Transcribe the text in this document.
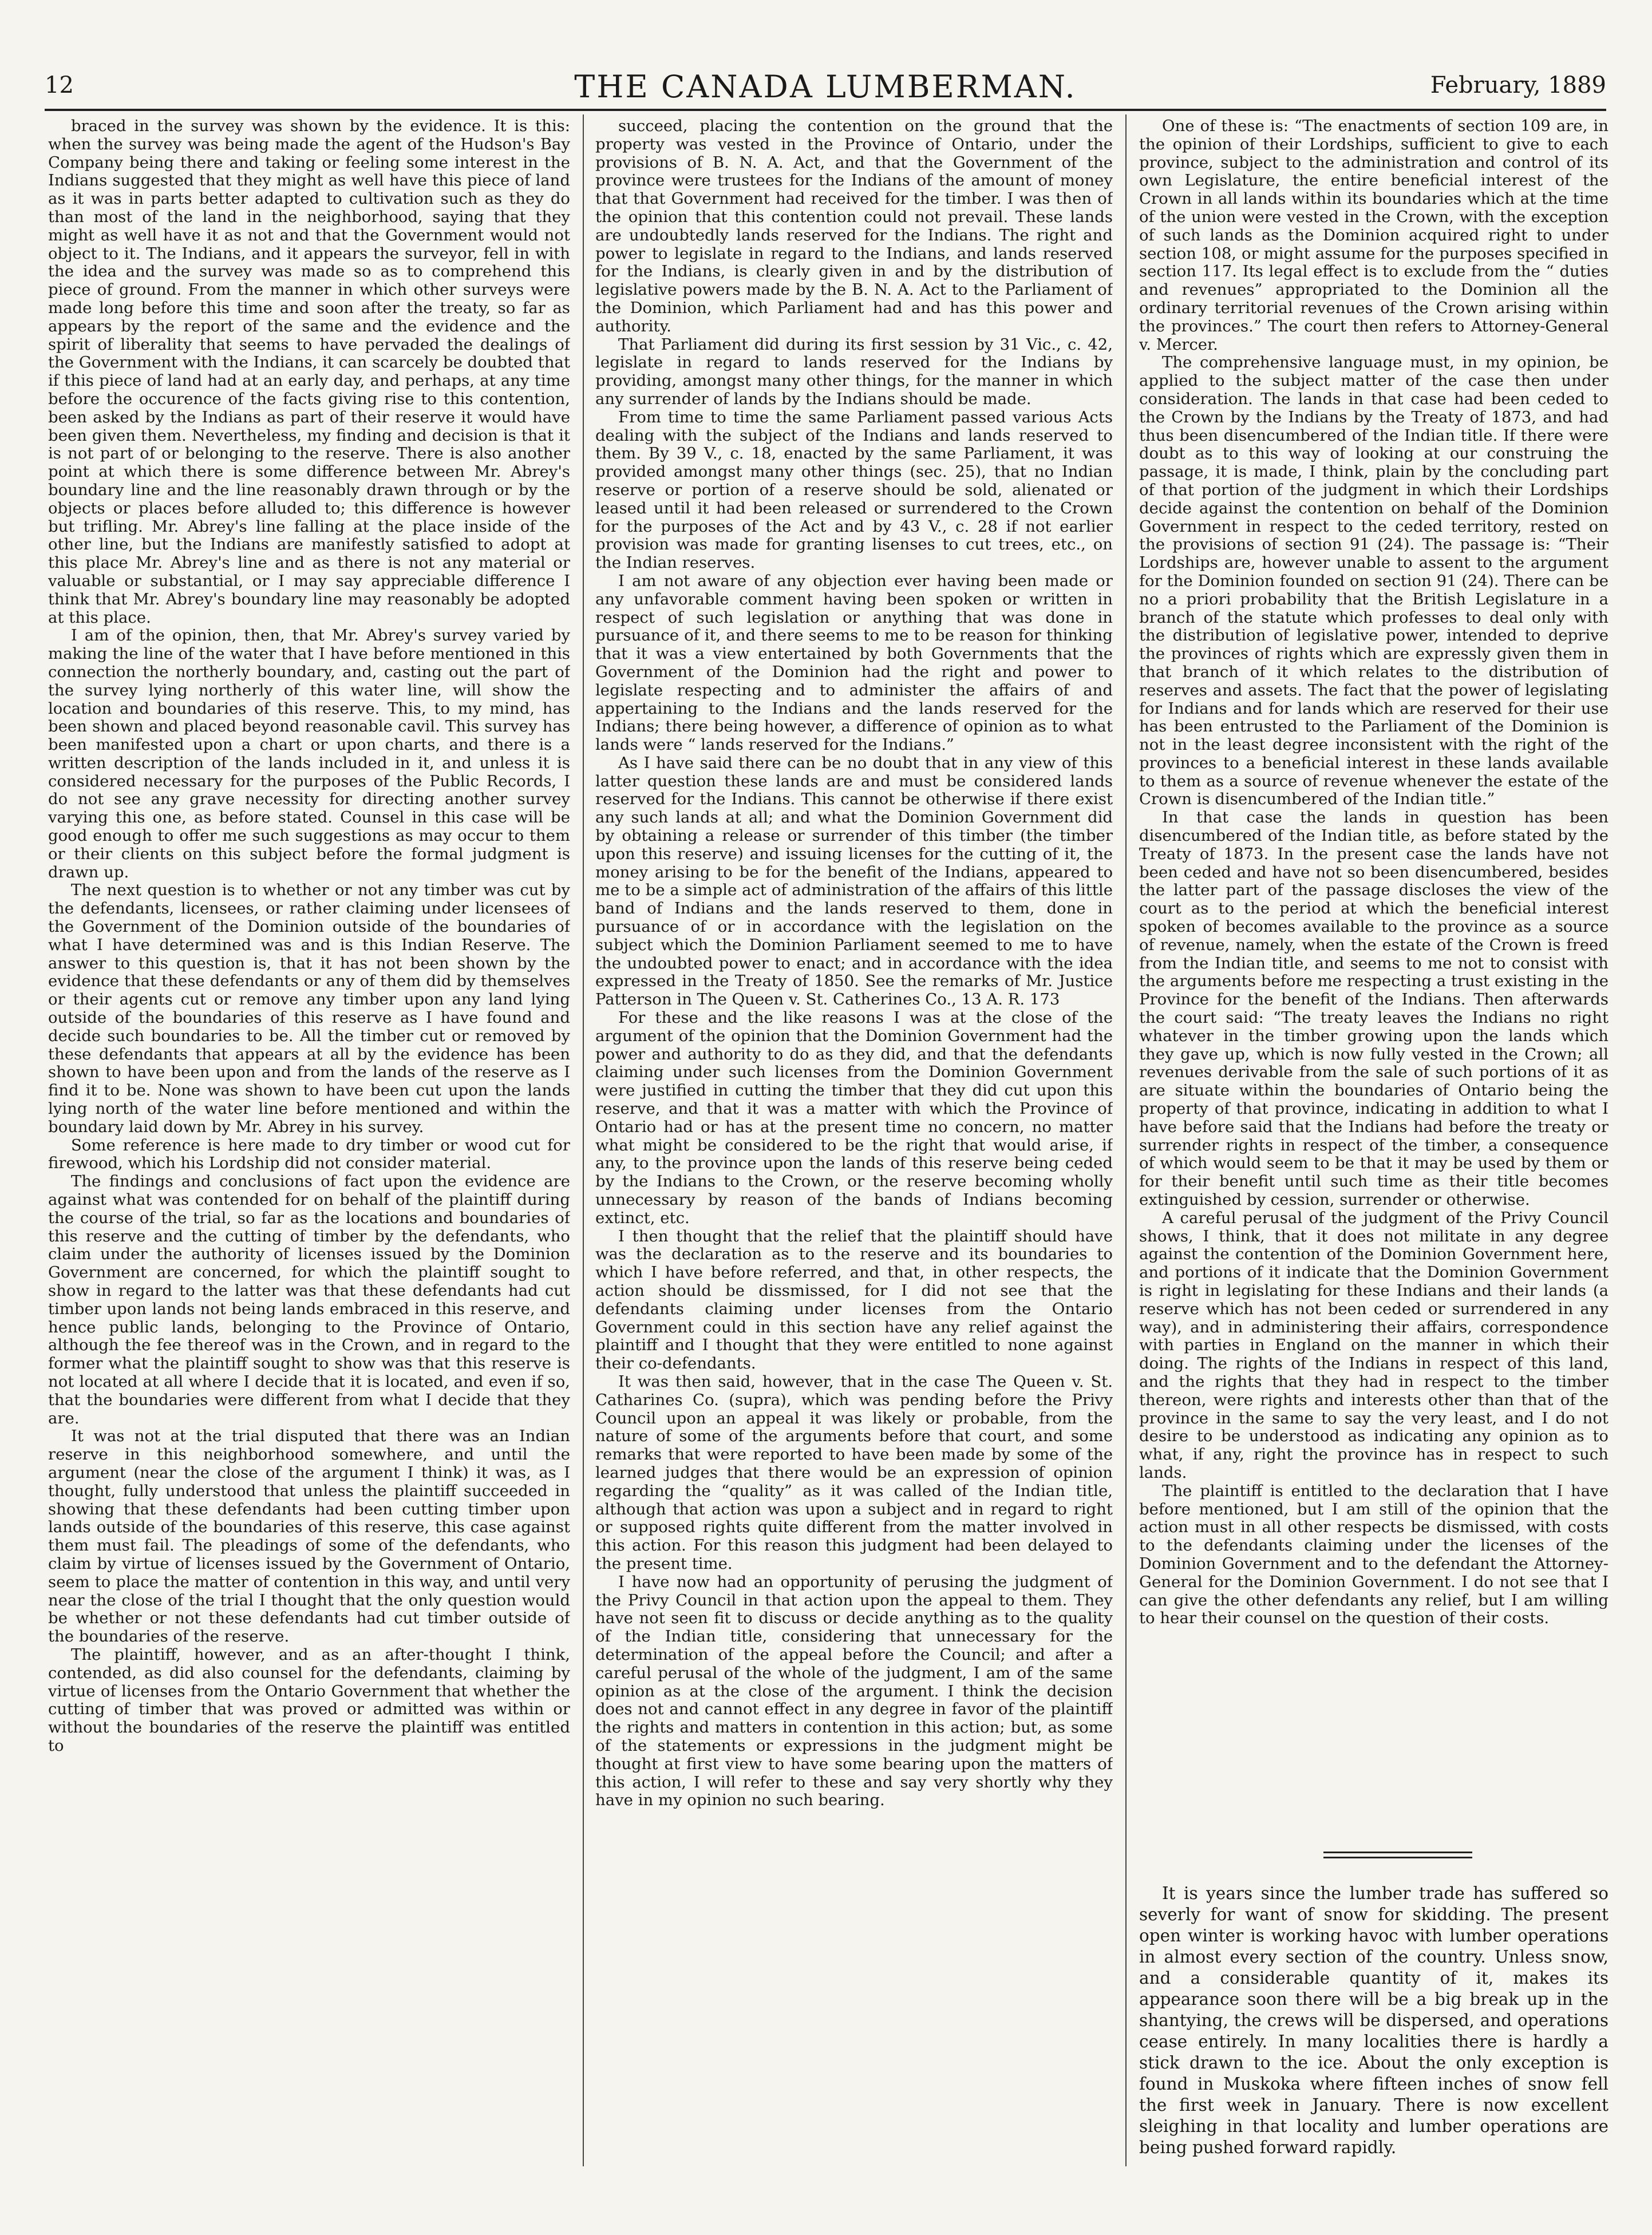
12	THE CANADA LUMBERMAN.	February, 1889

braced in the survey was shown by the evidence. It is this: when the survey was being made the agent of the Hudson's Bay Company being there and taking or feeling some interest in the Indians suggested that they might as well have this piece of land as it was in parts better adapted to cultivation such as they do than most of the land in the neighborhood, saying that they might as well have it as not and that the Government would not object to it. The Indians, and it appears the surveyor, fell in with the idea and the survey was made so as to comprehend this piece of ground. From the manner in which other surveys were made long before this time and soon after the treaty, so far as appears by the report of the same and the evidence and the spirit of liberality that seems to have pervaded the dealings of the Government with the Indians, it can scarcely be doubted that if this piece of land had at an early day, and perhaps, at any time before the occurence of the facts giving rise to this contention, been asked by the Indians as part of their reserve it would have been given them. Nevertheless, my finding and decision is that it is not part of or belonging to the reserve. There is also another point at which there is some difference between Mr. Abrey's boundary line and the line reasonably drawn through or by the objects or places before alluded to; this difference is however but trifling. Mr. Abrey's line falling at the place inside of the other line, but the Indians are manifestly satisfied to adopt at this place Mr. Abrey's line and as there is not any material or valuable or substantial, or I may say appreciable difference I think that Mr. Abrey's boundary line may reasonably be adopted at this place.

I am of the opinion, then, that Mr. Abrey's survey varied by making the line of the water that I have before mentioned in this connection the northerly boundary, and, casting out the part of the survey lying northerly of this water line, will show the location and boundaries of this reserve. This, to my mind, has been shown and placed beyond reasonable cavil. This survey has been manifested upon a chart or upon charts, and there is a written description of the lands included in it, and unless it is considered necessary for the purposes of the Public Records, I do not see any grave necessity for directing another survey varying this one, as before stated. Counsel in this case will be good enough to offer me such suggestions as may occur to them or their clients on this subject before the formal judgment is drawn up.

The next question is to whether or not any timber was cut by the defendants, licensees, or rather claiming under licensees of the Government of the Dominion outside of the boundaries of what I have determined was and is this Indian Reserve. The answer to this question is, that it has not been shown by the evidence that these defendants or any of them did by themselves or their agents cut or remove any timber upon any land lying outside of the boundaries of this reserve as I have found and decide such boundaries to be. All the timber cut or removed by these defendants that appears at all by the evidence has been shown to have been upon and from the lands of the reserve as I find it to be. None was shown to have been cut upon the lands lying north of the water line before mentioned and within the boundary laid down by Mr. Abrey in his survey.

Some reference is here made to dry timber or wood cut for firewood, which his Lordship did not consider material.

The findings and conclusions of fact upon the evidence are against what was contended for on behalf of the plaintiff during the course of the trial, so far as the locations and boundaries of this reserve and the cutting of timber by the defendants, who claim under the authority of licenses issued by the Dominion Government are concerned, for which the plaintiff sought to show in regard to the latter was that these defendants had cut timber upon lands not being lands embraced in this reserve, and hence public lands, belonging to the Province of Ontario, although the fee thereof was in the Crown, and in regard to the former what the plaintiff sought to show was that this reserve is not located at all where I decide that it is located, and even if so, that the boundaries were different from what I decide that they are.

It was not at the trial disputed that there was an Indian reserve in this neighborhood somewhere, and until the argument (near the close of the argument I think) it was, as I thought, fully understood that unless the plaintiff succeeded in showing that these defendants had been cutting timber upon lands outside of the boundaries of this reserve, this case against them must fail. The pleadings of some of the defendants, who claim by virtue of licenses issued by the Government of Ontario, seem to place the matter of contention in this way, and until very near the close of the trial I thought that the only question would be whether or not these defendants had cut timber outside of the boundaries of the reserve.

The plaintiff, however, and as an after-thought I think, contended, as did also counsel for the defendants, claiming by virtue of licenses from the Ontario Government that whether the cutting of timber that was proved or admitted was within or without the boundaries of the reserve the plaintiff was entitled to

succeed, placing the contention on the ground that the property was vested in the Province of Ontario, under the provisions of B. N. A. Act, and that the Government of the province were trustees for the Indians of the amount of money that that Government had received for the timber. I was then of the opinion that this contention could not prevail. These lands are undoubtedly lands reserved for the Indians. The right and power to legislate in regard to the Indians, and lands reserved for the Indians, is clearly given in and by the distribution of legislative powers made by the B. N. A. Act to the Parliament of the Dominion, which Parliament had and has this power and authority.

That Parliament did during its first session by 31 Vic., c. 42, legislate in regard to lands reserved for the Indians by providing, amongst many other things, for the manner in which any surrender of lands by the Indians should be made.

From time to time the same Parliament passed various Acts dealing with the subject of the Indians and lands reserved to them. By 39 V., c. 18, enacted by the same Parliament, it was provided amongst many other things (sec. 25), that no Indian reserve or portion of a reserve should be sold, alienated or leased until it had been released or surrendered to the Crown for the purposes of the Act and by 43 V., c. 28 if not earlier provision was made for granting lisenses to cut trees, etc., on the Indian reserves.

I am not aware of any objection ever having been made or any unfavorable comment having been spoken or written in respect of such legislation or anything that was done in pursuance of it, and there seems to me to be reason for thinking that it was a view entertained by both Governments that the Government of the Dominion had the right and power to legislate respecting and to administer the affairs of and appertaining to the Indians and the lands reserved for the Indians; there being however, a difference of opinion as to what lands were “ lands reserved for the Indians.”

As I have said there can be no doubt that in any view of this latter question these lands are and must be considered lands reserved for the Indians. This cannot be otherwise if there exist any such lands at all; and what the Dominion Government did by obtaining a release or surrender of this timber (the timber upon this reserve) and issuing licenses for the cutting of it, the money arising to be for the benefit of the Indians, appeared to me to be a simple act of administration of the affairs of this little band of Indians and the lands reserved to them, done in pursuance of or in accordance with the legislation on the subject which the Dominion Parliament seemed to me to have the undoubted power to enact; and in accordance with the idea expressed in the Treaty of 1850. See the remarks of Mr. Justice Patterson in The Queen v. St. Catherines Co., 13 A. R. 173

For these and the like reasons I was at the close of the argument of the opinion that the Dominion Government had the power and authority to do as they did, and that the defendants claiming under such licenses from the Dominion Government were justified in cutting the timber that they did cut upon this reserve, and that it was a matter with which the Province of Ontario had or has at the present time no concern, no matter what might be considered to be the right that would arise, if any, to the province upon the lands of this reserve being ceded by the Indians to the Crown, or the reserve becoming wholly unnecessary by reason of the bands of Indians becoming extinct, etc.

I then thought that the relief that the plaintiff should have was the declaration as to the reserve and its boundaries to which I have before referred, and that, in other respects, the action should be dissmissed, for I did not see that the defendants claiming under licenses from the Ontario Government could in this section have any relief against the plaintiff and I thought that they were entitled to none against their co-defendants.

It was then said, however, that in the case The Queen v. St. Catharines Co. (supra), which was pending before the Privy Council upon an appeal it was likely or probable, from the nature of some of the arguments before that court, and some remarks that were reported to have been made by some of the learned judges that there would be an expression of opinion regarding the “quality” as it was called of the Indian title, although that action was upon a subject and in regard to right or supposed rights quite different from the matter involved in this action. For this reason this judgment had been delayed to the present time.

I have now had an opportunity of perusing the judgment of the Privy Council in that action upon the appeal to them. They have not seen fit to discuss or decide anything as to the quality of the Indian title, considering that unnecessary for the determination of the appeal before the Council; and after a careful perusal of the whole of the judgment, I am of the same opinion as at the close of the argument. I think the decision does not and cannot effect in any degree in favor of the plaintiff the rights and matters in contention in this action; but, as some of the statements or expressions in the judgment might be thought at first view to have some bearing upon the matters of this action, I will refer to these and say very shortly why they have in my opinion no such bearing.

One of these is: “The enactments of section 109 are, in the opinion of their Lordships, sufficient to give to each province, subject to the administration and control of its own Legislature, the entire beneficial interest of the Crown in all lands within its boundaries which at the time of the union were vested in the Crown, with the exception of such lands as the Dominion acquired right to under section 108, or might assume for the purposes specified in section 117. Its legal effect is to exclude from the “ duties and revenues” appropriated to the Dominion all the ordinary territorial revenues of the Crown arising within the provinces.” The court then refers to Attorney-General v. Mercer.

The comprehensive language must, in my opinion, be applied to the subject matter of the case then under consideration. The lands in that case had been ceded to the Crown by the Indians by the Treaty of 1873, and had thus been disencumbered of the Indian title. If there were doubt as to this way of looking at our construing the passage, it is made, I think, plain by the concluding part of that portion of the judgment in which their Lordships decide against the contention on behalf of the Dominion Government in respect to the ceded territory, rested on the provisions of section 91 (24). The passage is: “Their Lordships are, however unable to assent to the argument for the Dominion founded on section 91 (24). There can be no a priori probability that the British Legislature in a branch of the statute which professes to deal only with the distribution of legislative power, intended to deprive the provinces of rights which are expressly given them in that branch of it which relates to the distribution of reserves and assets. The fact that the power of legislating for Indians and for lands which are reserved for their use has been entrusted to the Parliament of the Dominion is not in the least degree inconsistent with the right of the provinces to a beneficial interest in these lands available to them as a source of revenue whenever the estate of the Crown is disencumbered of the Indian title.”

In that case the lands in question has been disencumbered of the Indian title, as before stated by the Treaty of 1873. In the present case the lands have not been ceded and have not so been disencumbered, besides the latter part of the passage discloses the view of the court as to the period at which the beneficial interest spoken of becomes available to the province as a source of revenue, namely, when the estate of the Crown is freed from the Indian title, and seems to me not to consist with the arguments before me respecting a trust existing in the Province for the benefit of the Indians. Then afterwards the court said: “The treaty leaves the Indians no right whatever in the timber growing upon the lands which they gave up, which is now fully vested in the Crown; all revenues derivable from the sale of such portions of it as are situate within the boundaries of Ontario being the property of that province, indicating in addition to what I have before said that the Indians had before the treaty or surrender rights in respect of the timber, a consequence of which would seem to be that it may be used by them or for their benefit until such time as their title becomes extinguished by cession, surrender or otherwise.

A careful perusal of the judgment of the Privy Council shows, I think, that it does not militate in any degree against the contention of the Dominion Government here, and portions of it indicate that the Dominion Government is right in legislating for these Indians and their lands (a reserve which has not been ceded or surrendered in any way), and in administering their affairs, correspondence with parties in England on the manner in which their doing. The rights of the Indians in respect of this land, and the rights that they had in respect to the timber thereon, were rights and interests other than that of the province in the same to say the very least, and I do not desire to be understood as indicating any opinion as to what, if any, right the province has in respect to such lands.

The plaintiff is entitled to the declaration that I have before mentioned, but I am still of the opinion that the action must in all other respects be dismissed, with costs to the defendants claiming under the licenses of the Dominion Government and to the defendant the Attorney-General for the Dominion Government. I do not see that I can give the other defendants any relief, but I am willing to hear their counsel on the question of their costs.

It is years since the lumber trade has suffered so severly for want of snow for skidding. The present open winter is working havoc with lumber operations in almost every section of the country. Unless snow, and a considerable quantity of it, makes its appearance soon there will be a big break up in the shantying, the crews will be dispersed, and operations cease entirely. In many localities there is hardly a stick drawn to the ice. About the only exception is found in Muskoka where fifteen inches of snow fell the first week in January. There is now excellent sleighing in that locality and lumber operations are being pushed forward rapidly.
